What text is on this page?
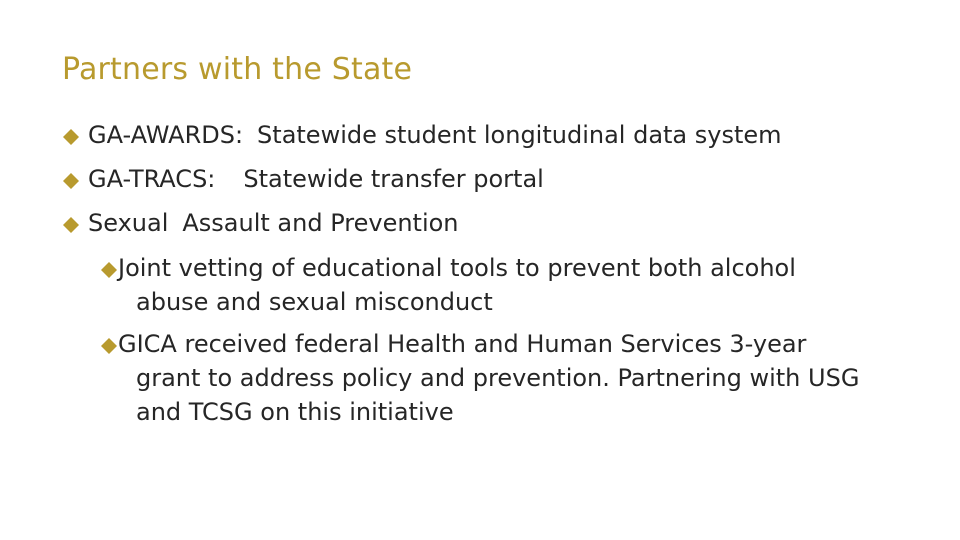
Partners with the State
GA-AWARDS: Statewide student longitudinal data system
GA-TRACS: Statewide transfer portal
Sexual Assault and Prevention
Joint vetting of educational tools to prevent both alcohol abuse and sexual misconduct
GICA received federal Health and Human Services 3-year grant to address policy and prevention. Partnering with USG and TCSG on this initiative
